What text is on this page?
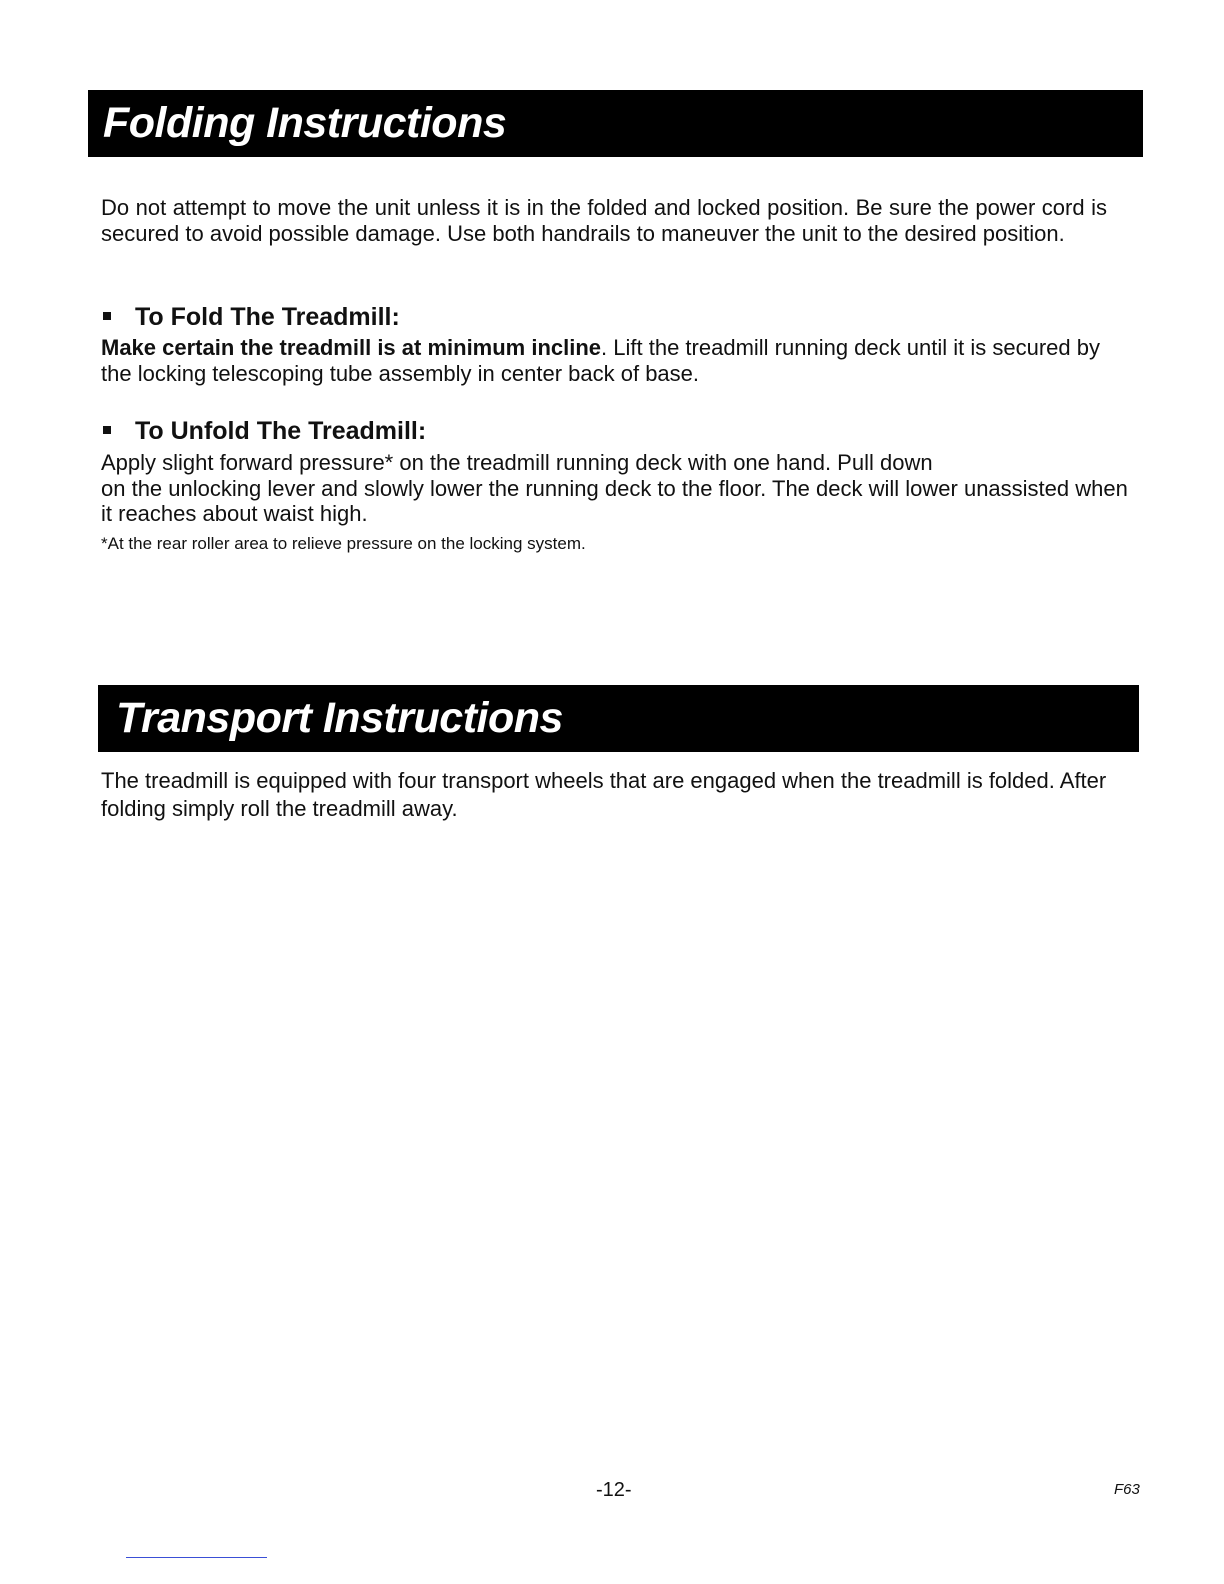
Folding Instructions

Do not attempt to move the unit unless it is in the folded and locked position. Be sure the power cord is secured to avoid possible damage. Use both handrails to maneuver the unit to the desired position.

To Fold The Treadmill:

Make certain the treadmill is at minimum incline. Lift the treadmill running deck until it is secured by the locking telescoping tube assembly in center back of base.

To Unfold The Treadmill:

Apply slight forward pressure* on the treadmill running deck with one hand. Pull down
on the unlocking lever and slowly lower the running deck to the floor. The deck will lower unassisted when it reaches about waist high.

*At the rear roller area to relieve pressure on the locking system.

Transport Instructions

The treadmill is equipped with four transport wheels that are engaged when the treadmill is folded. After folding simply roll the treadmill away.

-12-	F63
